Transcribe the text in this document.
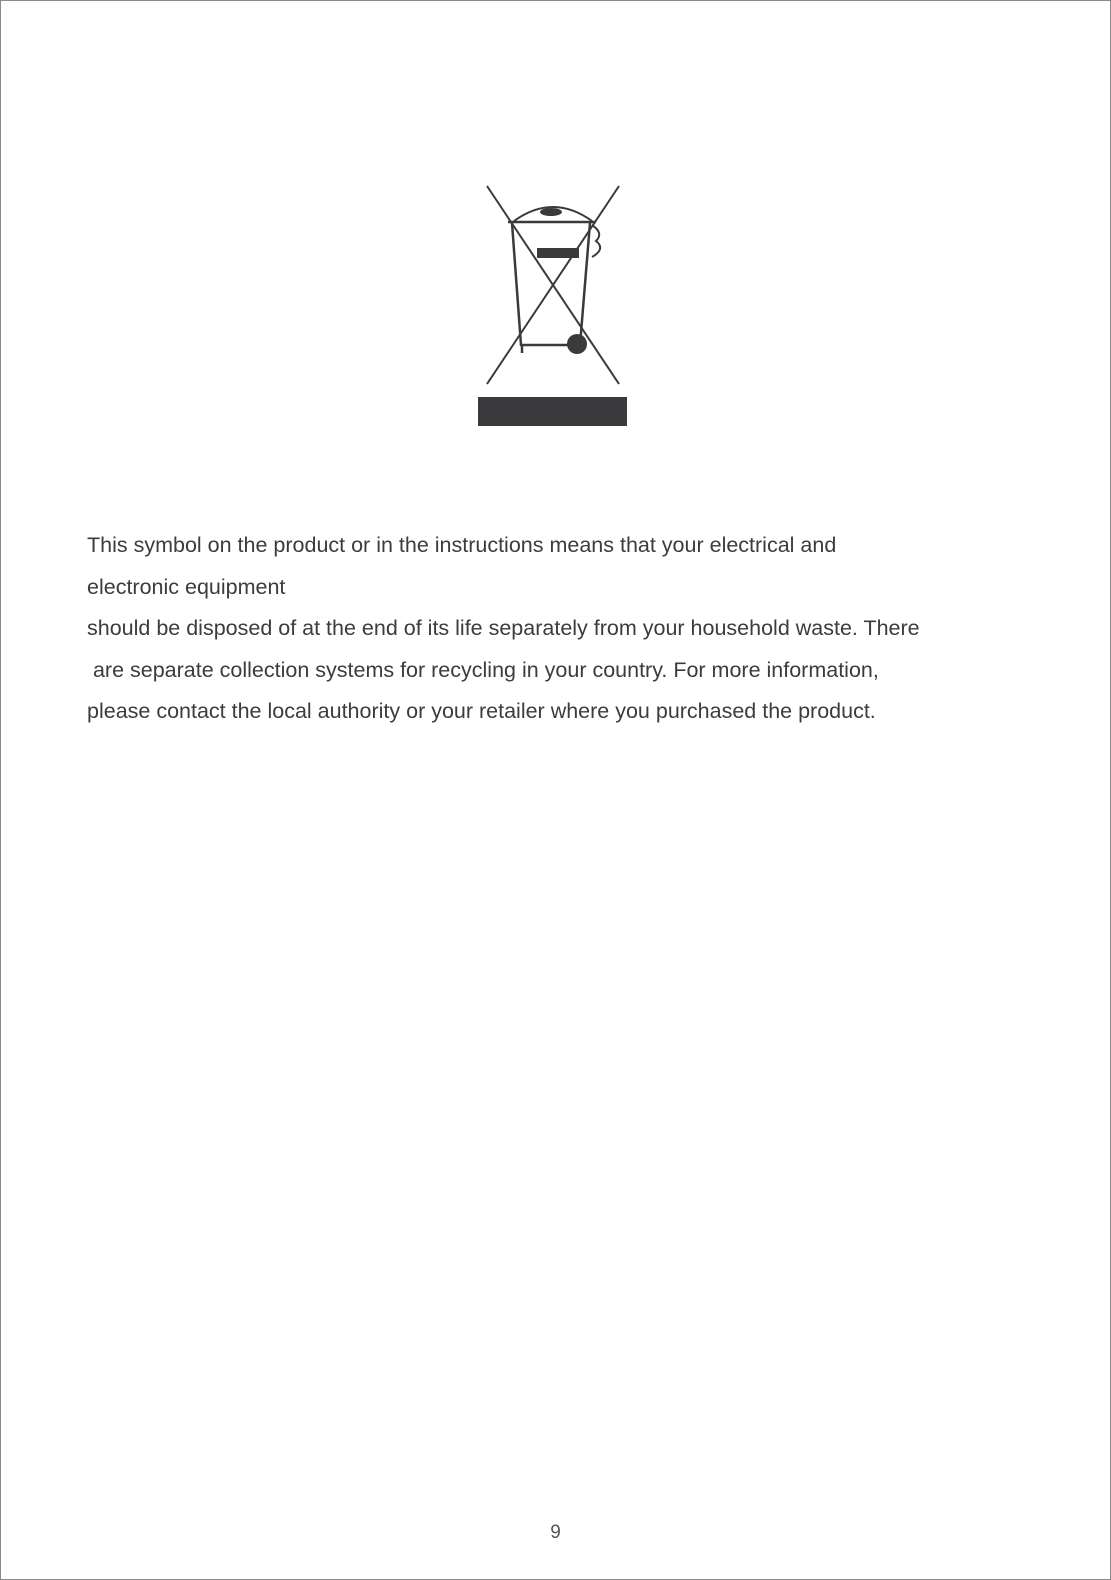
This symbol on the product or in the instructions means that your electrical and

electronic equipment

should be disposed of at the end of its life separately from your household waste. There

are separate collection systems for recycling in your country. For more information,

please contact the local authority or your retailer where you purchased the product.

9
